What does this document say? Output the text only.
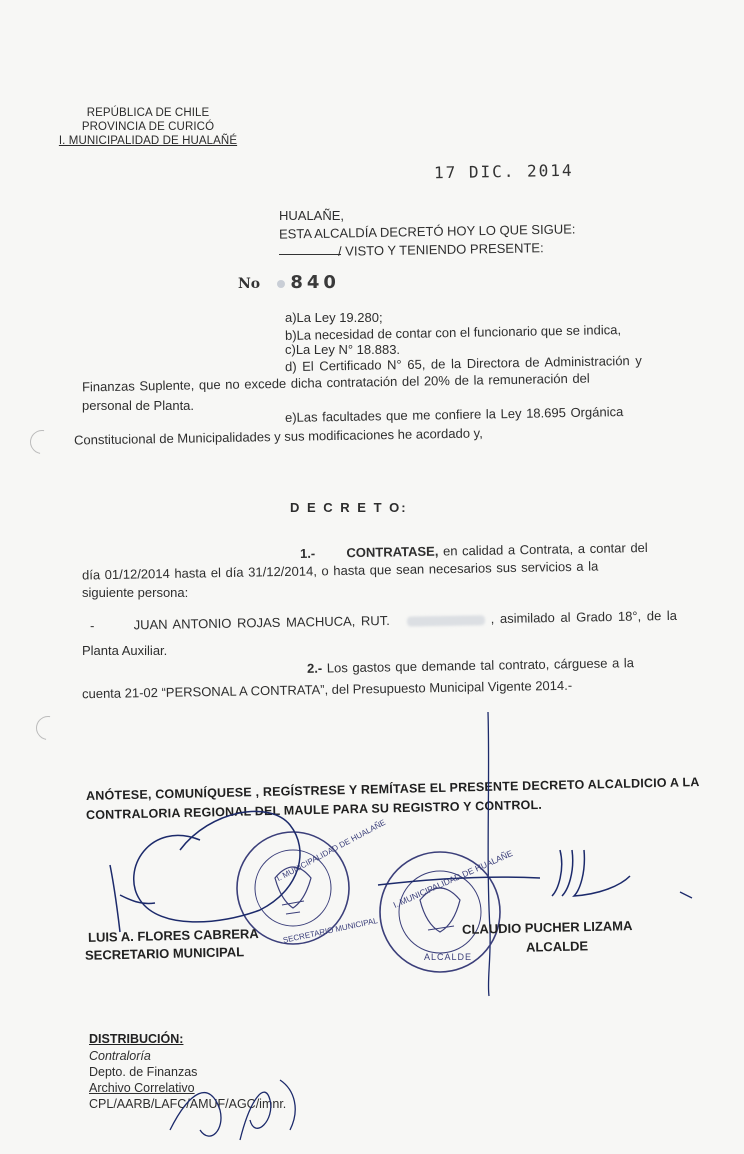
REPÚBLICA DE CHILE
PROVINCIA DE CURICÓ
I. MUNICIPALIDAD DE HUALAÑÉ
17 DIC. 2014
HUALAÑE,
ESTA ALCALDÍA DECRETÓ HOY LO QUE SIGUE:
/ VISTO Y TENIENDO PRESENTE:
No 840
a)La Ley 19.280;
b)La necesidad de contar con el funcionario que se indica,
c)La Ley N° 18.883.
d) El Certificado N° 65, de la Directora de Administración y
Finanzas Suplente, que no excede dicha contratación del 20% de la remuneración del
personal de Planta.	e)Las facultades que me confiere la Ley 18.695 Orgánica
Constitucional de Municipalidades y sus modificaciones he acordado y,
D E C R E T O:
1.- CONTRATASE, en calidad a Contrata, a contar del
día 01/12/2014 hasta el día 31/12/2014, o hasta que sean necesarios sus servicios a la
siguiente persona:
-	JUAN ANTONIO ROJAS MACHUCA, RUT.	, asimilado al Grado 18°, de la
Planta Auxiliar.
2.- Los gastos que demande tal contrato, cárguese a la
cuenta 21-02 “PERSONAL A CONTRATA”, del Presupuesto Municipal Vigente 2014.-
ANÓTESE, COMUNÍQUESE , REGÍSTRESE Y REMÍTASE EL PRESENTE DECRETO ALCALDICIO A LA
CONTRALORIA REGIONAL DEL MAULE PARA SU REGISTRO Y CONTROL.
I. MUNICIPALIDAD DE HUALAÑE
SECRETARIO MUNICIPAL
I. MUNICIPALIDAD DE HUALAÑE
ALCALDE
LUIS A. FLORES CABRERA
SECRETARIO MUNICIPAL
CLAUDIO PUCHER LIZAMA
ALCALDE
DISTRIBUCIÓN:
Contraloría
Depto. de Finanzas
Archivo Correlativo
CPL/AARB/LAFC/AMUF/AGC/imnr.
